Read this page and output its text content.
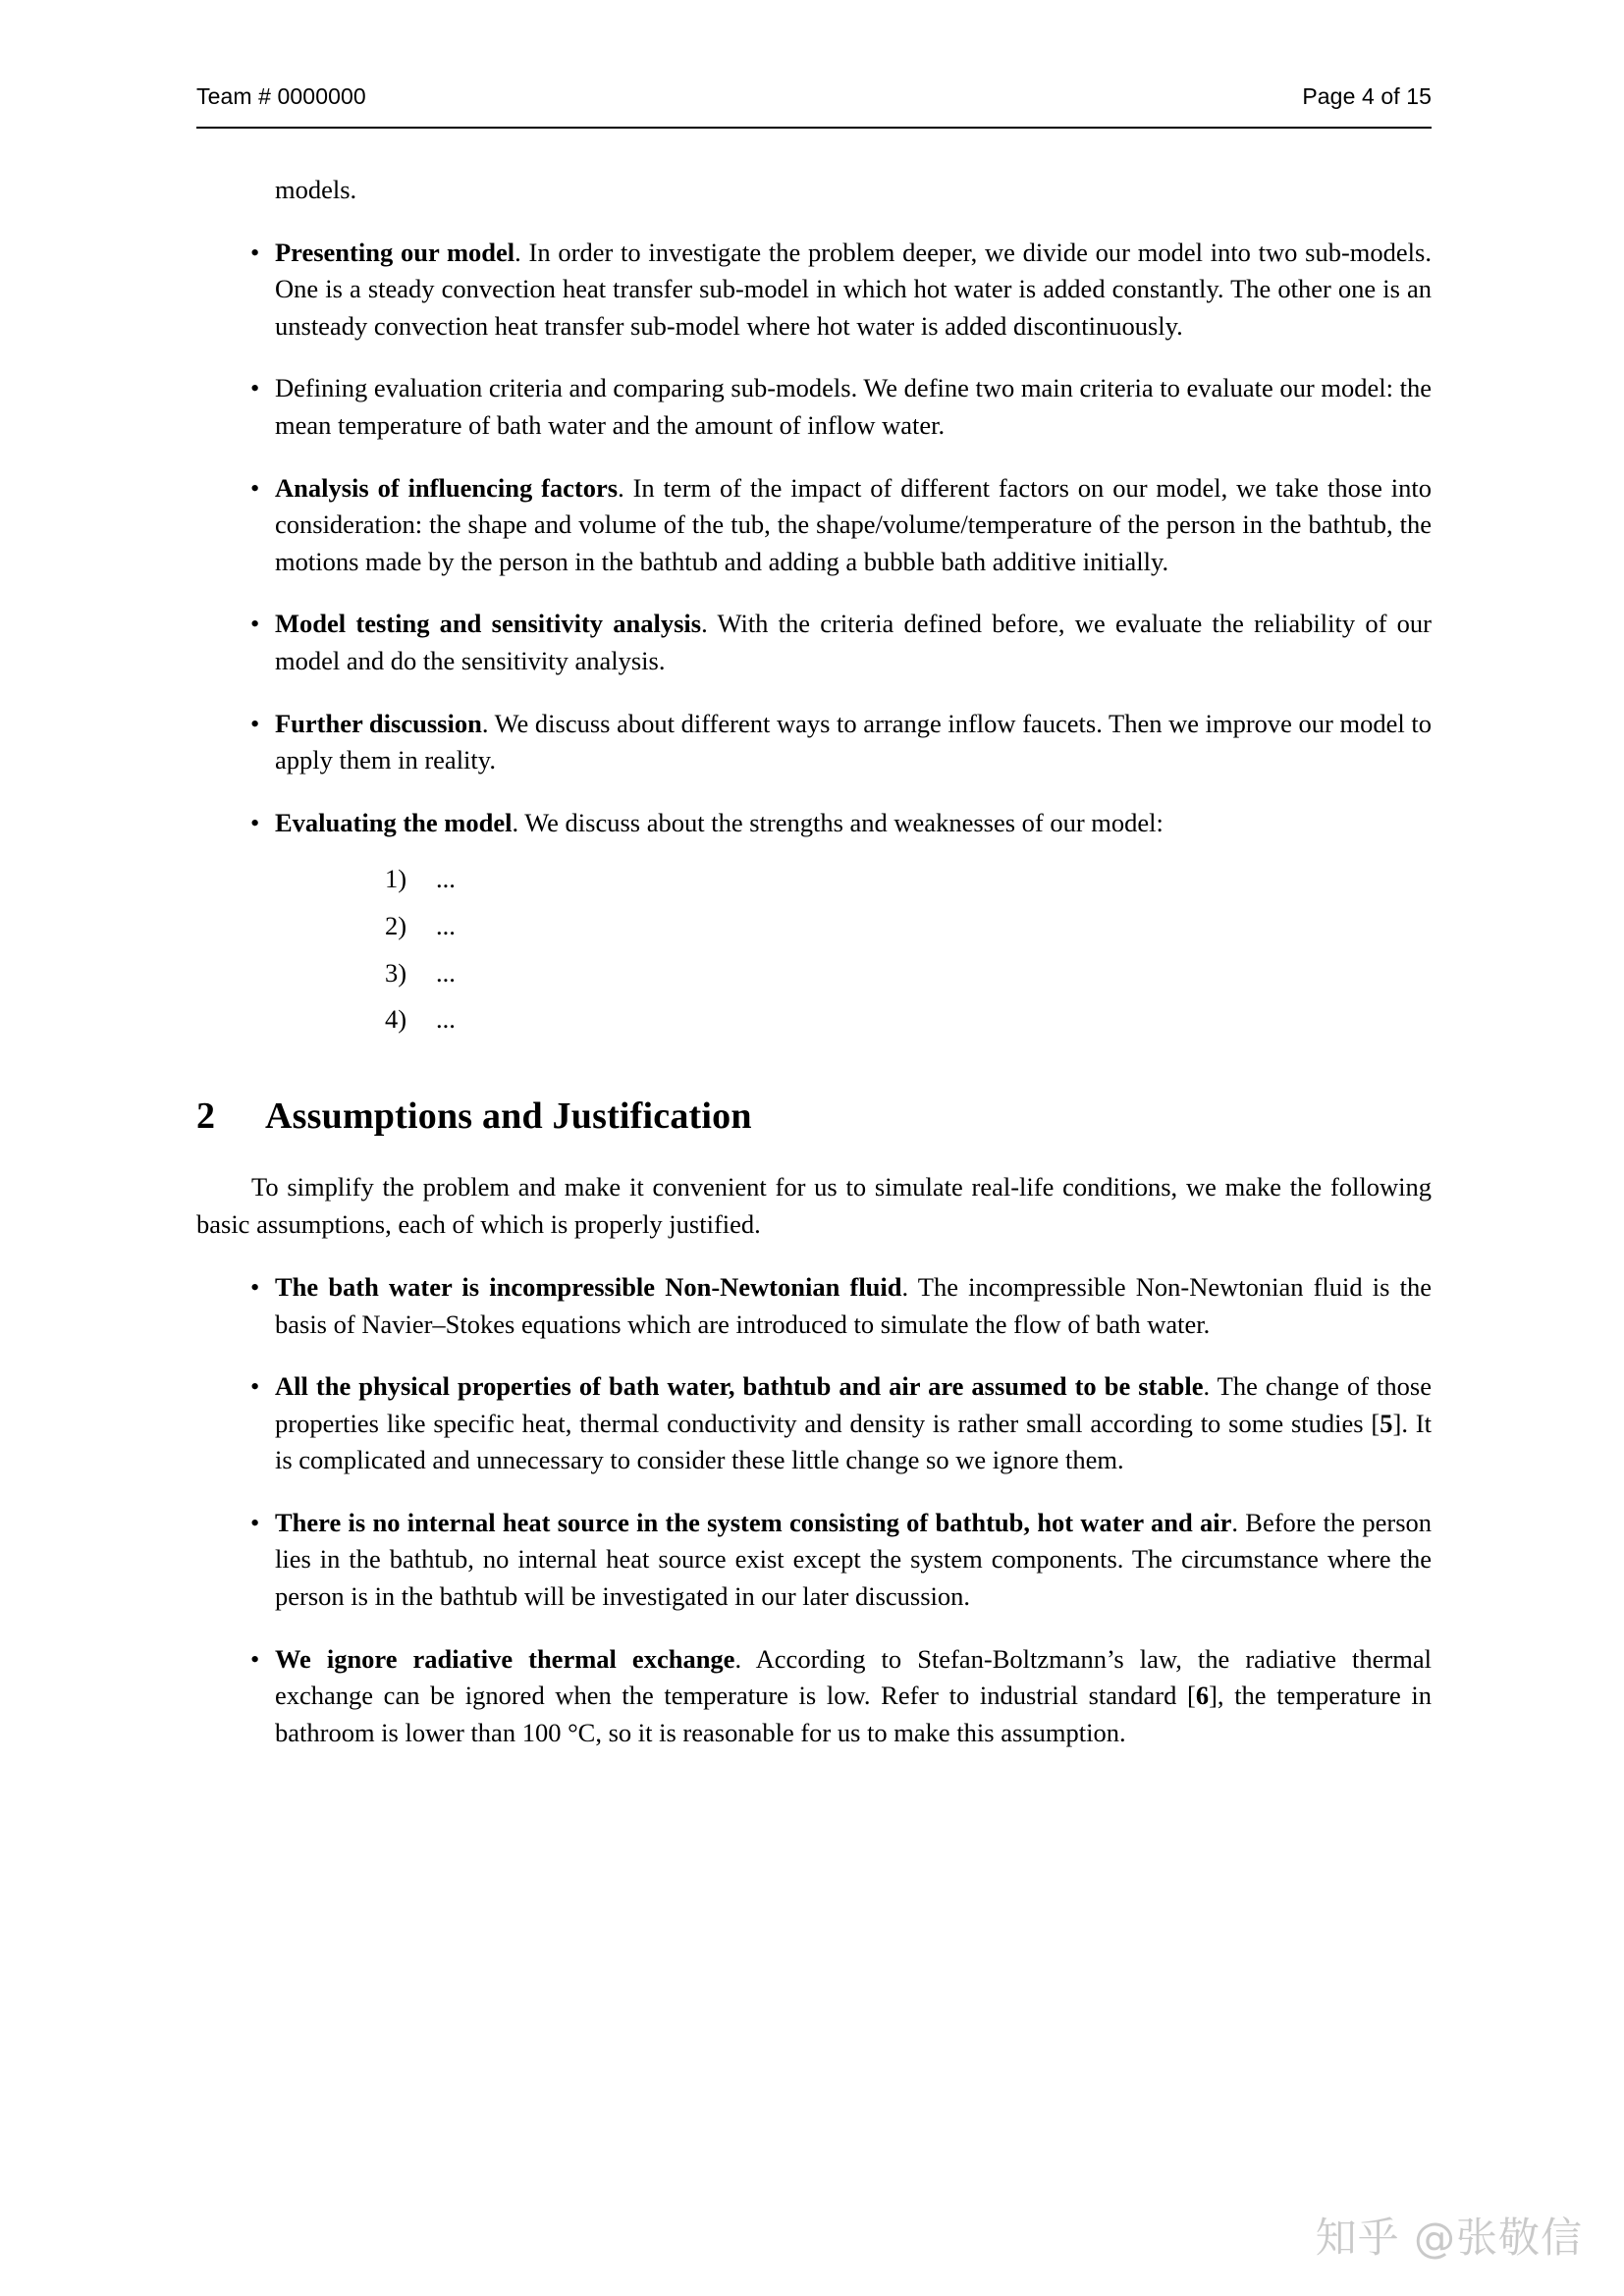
Team # 0000000	Page 4 of 15

models.

• Presenting our model. In order to investigate the problem deeper, we divide our model into two sub-models. One is a steady convection heat transfer sub-model in which hot water is added constantly. The other one is an unsteady convection heat transfer sub-model where hot water is added discontinuously.
• Defining evaluation criteria and comparing sub-models. We define two main criteria to evaluate our model: the mean temperature of bath water and the amount of inflow water.
• Analysis of influencing factors. In term of the impact of different factors on our model, we take those into consideration: the shape and volume of the tub, the shape/volume/temperature of the person in the bathtub, the motions made by the person in the bathtub and adding a bubble bath additive initially.
• Model testing and sensitivity analysis. With the criteria defined before, we evaluate the reliability of our model and do the sensitivity analysis.
• Further discussion. We discuss about different ways to arrange inflow faucets. Then we improve our model to apply them in reality.
• Evaluating the model. We discuss about the strengths and weaknesses of our model:
1) ...
2) ...
3) ...
4) ...
2 Assumptions and Justification

To simplify the problem and make it convenient for us to simulate real-life conditions, we make the following basic assumptions, each of which is properly justified.

• The bath water is incompressible Non-Newtonian fluid. The incompressible Non-Newtonian fluid is the basis of Navier–Stokes equations which are introduced to simulate the flow of bath water.
• All the physical properties of bath water, bathtub and air are assumed to be stable. The change of those properties like specific heat, thermal conductivity and density is rather small according to some studies [5]. It is complicated and unnecessary to consider these little change so we ignore them.
• There is no internal heat source in the system consisting of bathtub, hot water and air. Before the person lies in the bathtub, no internal heat source exist except the system components. The circumstance where the person is in the bathtub will be investigated in our later discussion.
• We ignore radiative thermal exchange. According to Stefan-Boltzmann’s law, the radiative thermal exchange can be ignored when the temperature is low. Refer to industrial standard [6], the temperature in bathroom is lower than 100 °C, so it is reasonable for us to make this assumption.
知乎 @张敬信
